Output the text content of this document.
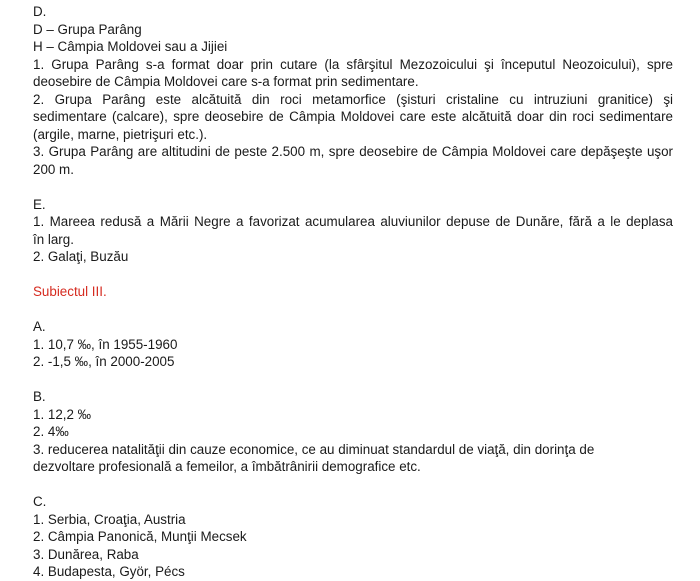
D.
D – Grupa Parâng
H – Câmpia Moldovei sau a Jijiei
1. Grupa Parâng s-a format doar prin cutare (la sfârşitul Mezozoicului şi începutul Neozoicului), spre
deosebire de Câmpia Moldovei care s-a format prin sedimentare.
2. Grupa Parâng este alcătuită din roci metamorfice (şisturi cristaline cu intruziuni granitice) şi
sedimentare (calcare), spre deosebire de Câmpia Moldovei care este alcătuită doar din roci sedimentare
(argile, marne, pietrişuri etc.).
3. Grupa Parâng are altitudini de peste 2.500 m, spre deosebire de Câmpia Moldovei care depăşeşte uşor
200 m.
E.
1. Mareea redusă a Mării Negre a favorizat acumularea aluviunilor depuse de Dunăre, fără a le deplasa
în larg.
2. Galaţi, Buzău
Subiectul III.
A.
1. 10,7 ‰, în 1955-1960
2. -1,5 ‰, în 2000-2005
B.
1. 12,2 ‰
2. 4‰
3. reducerea natalităţii din cauze economice, ce au diminuat standardul de viaţă, din dorinţa de
dezvoltare profesională a femeilor, a îmbătrânirii demografice etc.
C.
1. Serbia, Croaţia, Austria
2. Câmpia Panonică, Munţii Mecsek
3. Dunărea, Raba
4. Budapesta, Györ, Pécs
